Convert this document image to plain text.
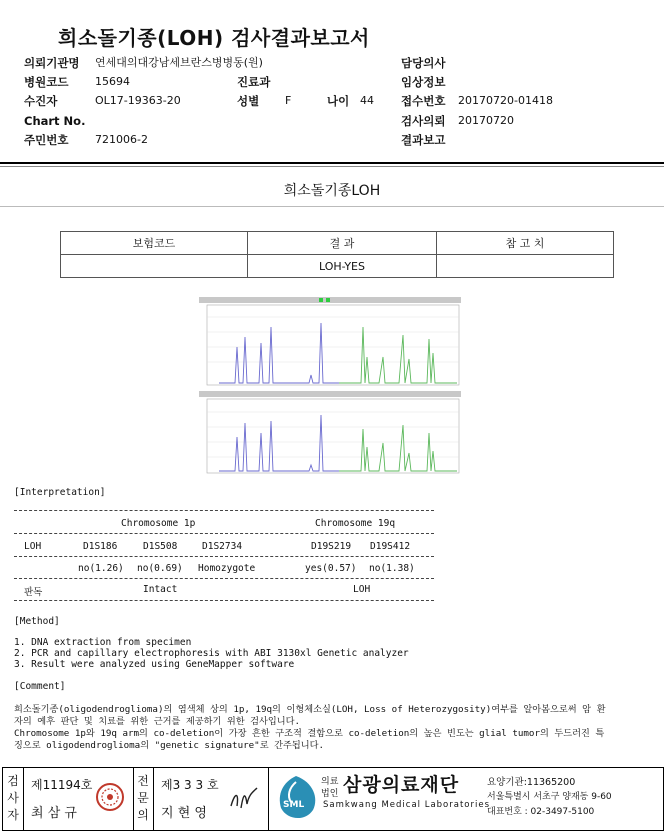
희소돌기종(LOH) 검사결과보고서
의뢰기관명 연세대의대강남세브란스병병동(원)	담당의사
병원코드 15694	진료과	임상정보
수진자	OL17-19363-20	성별 F	나이 44 접수번호 20170720-01418
Chart No.	검사의뢰 20170720
주민번호 721006-2	결과보고
희소돌기종LOH
보험코드	결 과	참 고 치
	LOH-YES	
[Interpretation]
Chromosome 1p	Chromosome 19q
LOH	D1S186	D1S508	D1S2734	D19S219 D19S412
no(1.26) no(0.69) Homozygote	yes(0.57) no(1.38)
판독	Intact	LOH
[Method]
1. DNA extraction from specimen
2. PCR and capillary electrophoresis with ABI 3130xl Genetic analyzer
3. Result were analyzed using GeneMapper software
[Comment]
희소돌기종(oligodendroglioma)의 염색체 상의 1p, 19q의 이형체소실(LOH, Loss of Heterozygosity)여부를 알아봄으로써 암 환
자의 예후 판단 및 치료를 위한 근거를 제공하기 위한 검사입니다.
Chromosome 1p와 19q arm의 co-deletion이 가장 흔한 구조적 결함으로 co-deletion의 높은 빈도는 glial tumor의 두드러진 특
징으로 oligodendroglioma의 "genetic signature"로 간주됩니다.
검
사
자
제11194호
최 삼 규
전
문
의
제3 3 3 호
지 현 영
SML
의료
법인 삼광의료재단
Samkwang Medical Laboratories
요양기관:11365200
서울특별시 서초구 양재동 9-60
대표번호 : 02-3497-5100
